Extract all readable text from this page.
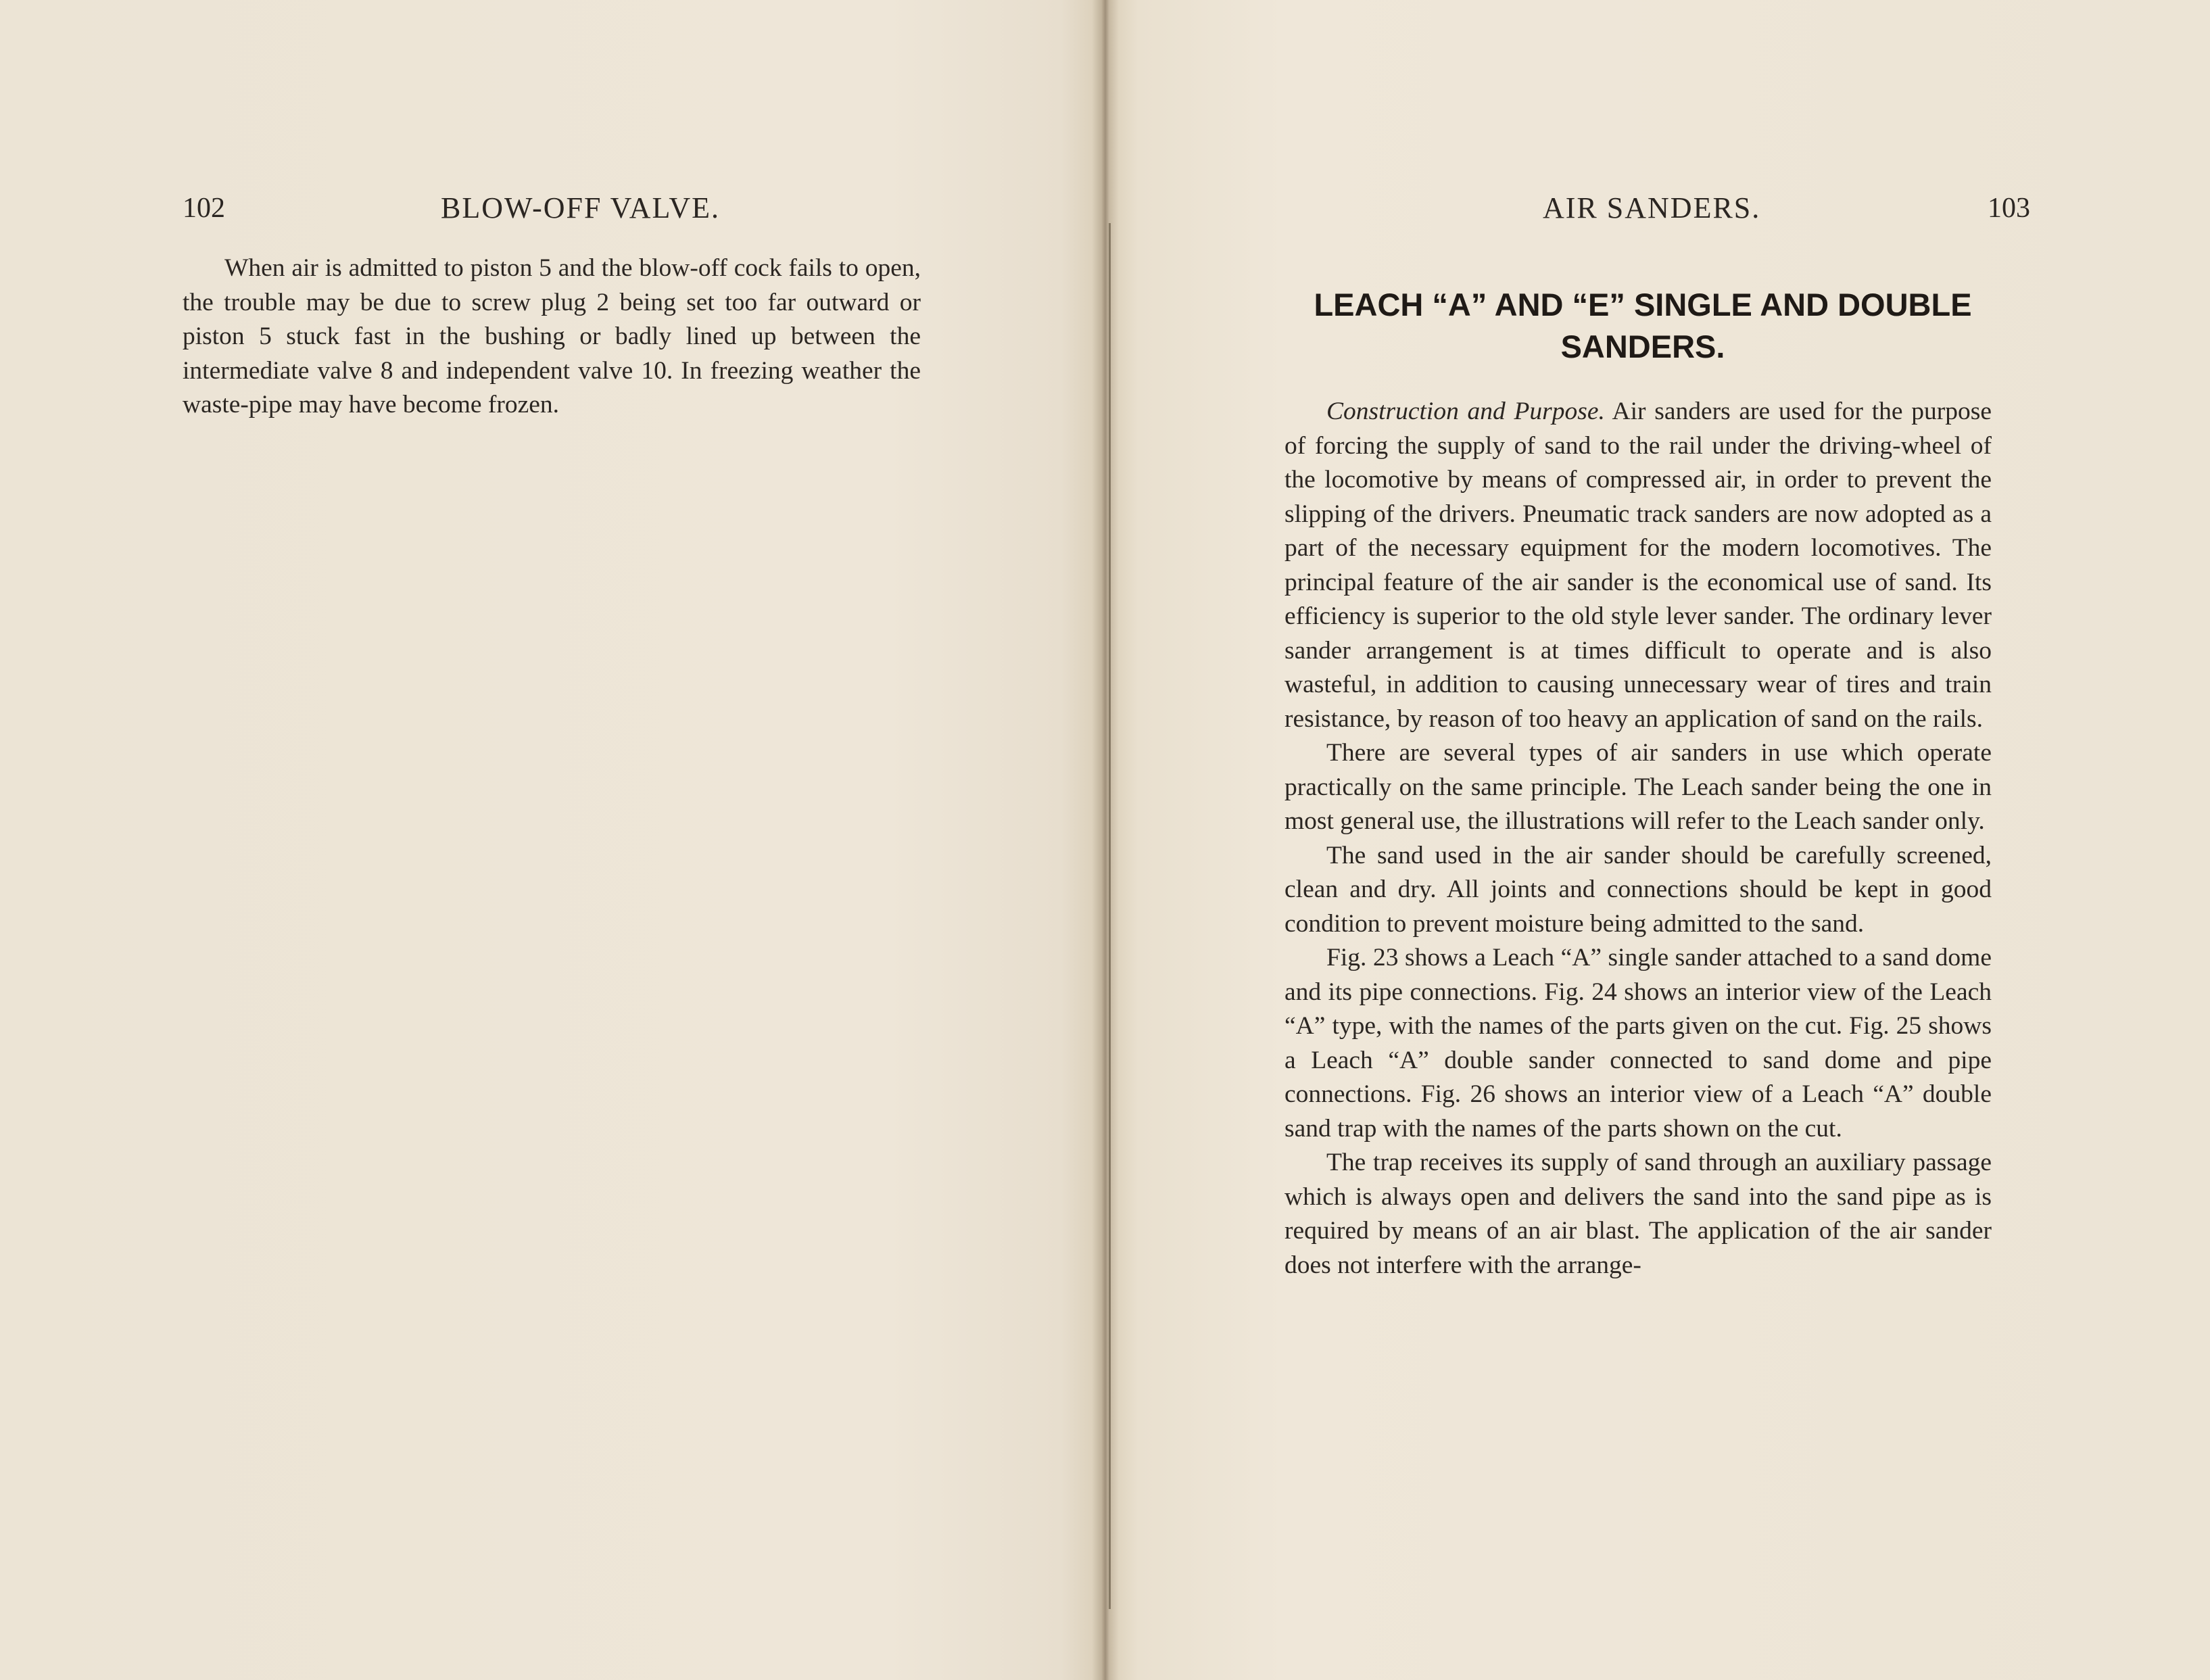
102	BLOW-OFF VALVE.

When air is admitted to piston 5 and the blow-off cock fails to open, the trouble may be due to screw plug 2 being set too far outward or piston 5 stuck fast in the bushing or badly lined up between the intermediate valve 8 and independent valve 10. In freezing weather the waste-pipe may have become frozen.

AIR SANDERS.	103
LEACH “A” AND “E” SINGLE AND DOUBLE SANDERS.

Construction and Purpose. Air sanders are used for the purpose of forcing the supply of sand to the rail under the driving-wheel of the locomotive by means of compressed air, in order to prevent the slipping of the drivers. Pneumatic track sanders are now adopted as a part of the necessary equipment for the modern locomotives. The principal feature of the air sander is the economical use of sand. Its efficiency is superior to the old style lever sander. The ordinary lever sander arrangement is at times difficult to operate and is also wasteful, in addition to causing unnecessary wear of tires and train resistance, by reason of too heavy an application of sand on the rails.

There are several types of air sanders in use which operate practically on the same principle. The Leach sander being the one in most general use, the illustrations will refer to the Leach sander only.

The sand used in the air sander should be carefully screened, clean and dry. All joints and connections should be kept in good condition to prevent moisture being admitted to the sand.

Fig. 23 shows a Leach “A” single sander attached to a sand dome and its pipe connections. Fig. 24 shows an interior view of the Leach “A” type, with the names of the parts given on the cut. Fig. 25 shows a Leach “A” double sander connected to sand dome and pipe connections. Fig. 26 shows an interior view of a Leach “A” double sand trap with the names of the parts shown on the cut.

The trap receives its supply of sand through an auxiliary passage which is always open and delivers the sand into the sand pipe as is required by means of an air blast. The application of the air sander does not interfere with the arrange-
